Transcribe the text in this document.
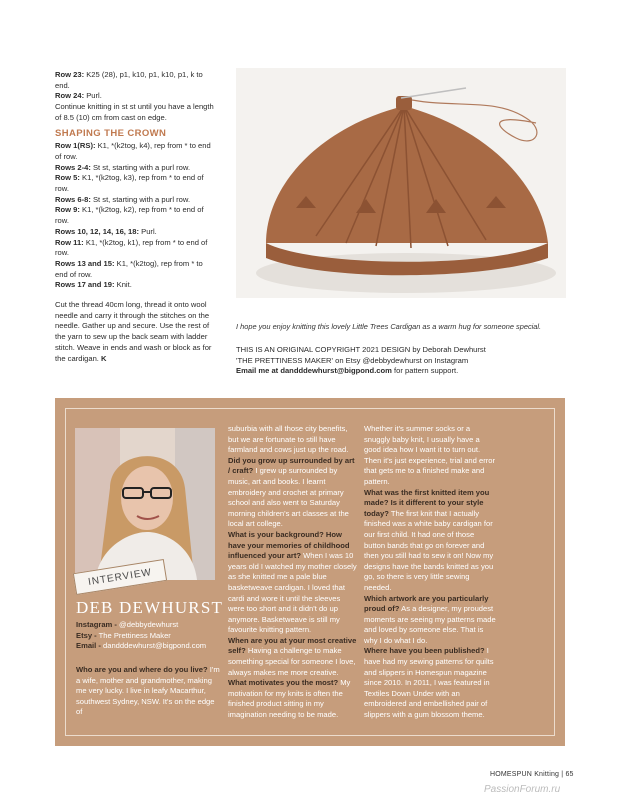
Row 23: K25 (28), p1, k10, p1, k10, p1, k to end.
Row 24: Purl.
Continue knitting in st st until you have a length of 8.5 (10) cm from cast on edge.
SHAPING THE CROWN
Row 1(RS): K1, *(k2tog, k4), rep from * to end of row.
Rows 2-4: St st, starting with a purl row.
Row 5: K1, *(k2tog, k3), rep from * to end of row.
Rows 6-8: St st, starting with a purl row.
Row 9: K1, *(k2tog, k2), rep from * to end of row.
Rows 10, 12, 14, 16, 18: Purl.
Row 11: K1, *(k2tog, k1), rep from * to end of row.
Rows 13 and 15: K1, *(k2tog), rep from * to end of row.
Rows 17 and 19: Knit.
Cut the thread 40cm long, thread it onto wool needle and carry it through the stitches on the needle. Gather up and secure. Use the rest of the yarn to sew up the back seam with ladder stitch. Weave in ends and wash or block as for the cardigan. K
I hope you enjoy knitting this lovely Little Trees Cardigan as a warm hug for someone special.
THIS IS AN ORIGINAL COPYRIGHT 2021 DESIGN by Deborah Dewhurst
'THE PRETTINESS MAKER' on Etsy @debbydewhurst on Instagram
Email me at dandddewhurst@bigpond.com for pattern support.
INTERVIEW
DEB DEWHURST
Instagram - @debbydewhurst
Etsy - The Prettiness Maker
Email - dandddewhurst@bigpond.com
Who are you and where do you live? I'm a wife, mother and grandmother, making me very lucky. I live in leafy Macarthur, southwest Sydney, NSW. It's on the edge of
suburbia with all those city benefits, but we are fortunate to still have farmland and cows just up the road.
Did you grow up surrounded by art / craft? I grew up surrounded by music, art and books. I learnt embroidery and crochet at primary school and also went to Saturday morning children's art classes at the local art college.
What is your background? How have your memories of childhood influenced your art? When I was 10 years old I watched my mother closely as she knitted me a pale blue basketweave cardigan. I loved that cardi and wore it until the sleeves were too short and it didn't do up anymore. Basketweave is still my favourite knitting pattern.
When are you at your most creative self? Having a challenge to make something special for someone I love, always makes me more creative.
What motivates you the most? My motivation for my knits is often the finished product sitting in my imagination needing to be made.
Whether it's summer socks or a snuggly baby knit, I usually have a good idea how I want it to turn out. Then it's just experience, trial and error that gets me to a finished make and pattern.
What was the first knitted item you made? Is it different to your style today? The first knit that I actually finished was a white baby cardigan for our first child. It had one of those button bands that go on forever and then you still had to sew it on! Now my designs have the bands knitted as you go, so there is very little sewing needed.
Which artwork are you particularly proud of? As a designer, my proudest moments are seeing my patterns made and loved by someone else. That is why I do what I do.
Where have you been published? I have had my sewing patterns for quilts and slippers in Homespun magazine since 2010. In 2011, I was featured in Textiles Down Under with an embroidered and embellished pair of slippers with a gum blossom theme.
HOMESPUN Knitting | 65
PassionForum.ru
